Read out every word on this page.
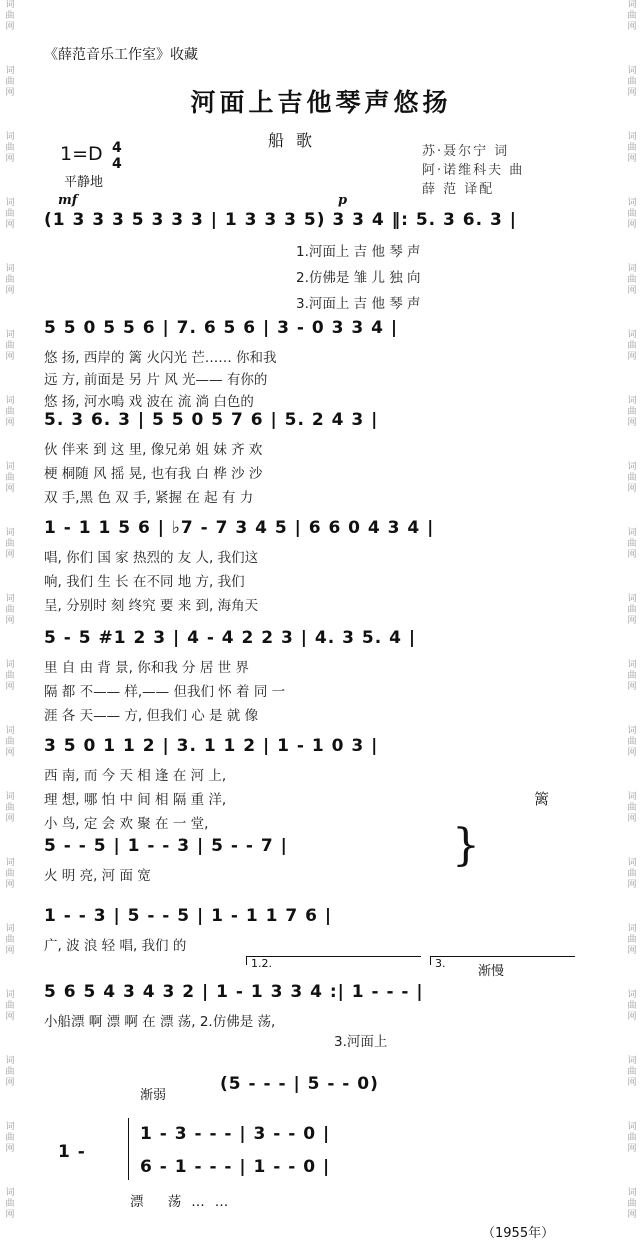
词
曲
网
词
曲
网
词
曲
网
词
曲
网
词
曲
网
词
曲
网
词
曲
网
词
曲
网
词
曲
网
词
曲
网
词
曲
网
词
曲
网
词
曲
网
词
曲
网
词
曲
网
词
曲
网
词
曲
网
词
曲
网
词
曲
网
词
曲
网
词
曲
网
词
曲
网
词
曲
网
词
曲
网
词
曲
网
词
曲
网
词
曲
网
词
曲
网
词
曲
网
词
曲
网
词
曲
网
词
曲
网
词
曲
网
词
曲
网
词
曲
网
词
曲
网
词
曲
网
词
曲
网
《薛范音乐工作室》收藏
河面上吉他琴声悠扬
船歌
1=D 4
4
平静地
苏·聂尔宁 词
阿·诺维科夫 曲
薛 范 译配
mf	p
(1 3 3 3 5 3 3 3 | 1 3 3 3 5) 3 3 4 ‖: 5. 3 6. 3 |
1.河面上 吉 他 琴 声
2.仿佛是 雏 儿 独 向
3.河面上 吉 他 琴 声
5 5 0 5 5 6 | 7. 6 5 6 | 3 - 0 3 3 4 |
悠 扬, 西岸的 篱 火闪光 芒…… 你和我
远 方, 前面是 另 片 风 光—— 有你的
悠 扬, 河水嗚 戏 波在 流 淌 白色的
5. 3 6. 3 | 5 5 0 5 7 6 | 5. 2 4 3 |
伙 伴来 到 这 里, 像兄弟 姐 妹 齐 欢
梗 桐随 风 摇 晃, 也有我 白 桦 沙 沙
双 手,黑 色 双 手, 紧握 在 起 有 力
1 - 1 1 5 6 | ♭7 - 7 3 4 5 | 6 6 0 4 3 4 |
唱, 你们 国 家 热烈的 友 人, 我们这
响, 我们 生 长 在不同 地 方, 我们
呈, 分别时 刻 终究 要 来 到, 海角天
5 - 5 #1 2 3 | 4 - 4 2 2 3 | 4. 3 5. 4 |
里 自 由 背 景, 你和我 分 居 世 界
隔 都 不—— 样,—— 但我们 怀 着 同 一
涯 各 天—— 方, 但我们 心 是 就 像
3 5 0 1 1 2 | 3. 1 1 2 | 1 - 1 0 3 |
西 南, 而 今 天 相 逢 在 河 上,
理 想, 哪 怕 中 间 相 隔 重 洋,
小 鸟, 定 会 欢 聚 在 一 堂,
篱
}
5 - - 5 | 1 - - 3 | 5 - - 7 |
火 明 亮, 河 面 宽
1 - - 3 | 5 - - 5 | 1 - 1 1 7 6 |
广, 波 浪 轻 唱, 我们 的
1.2.	3.
渐慢
5 6 5 4 3 4 3 2 | 1 - 1 3 3 4 :| 1 - - - |
小船漂 啊 漂 啊 在 漂 荡, 2.仿佛是 荡,
3.河面上
渐弱
(5 - - - | 5 - - 0)
1 -
1 - 3 - - - | 3 - - 0 |
6 - 1 - - - | 1 - - 0 |
漂 荡……
（1955年）
